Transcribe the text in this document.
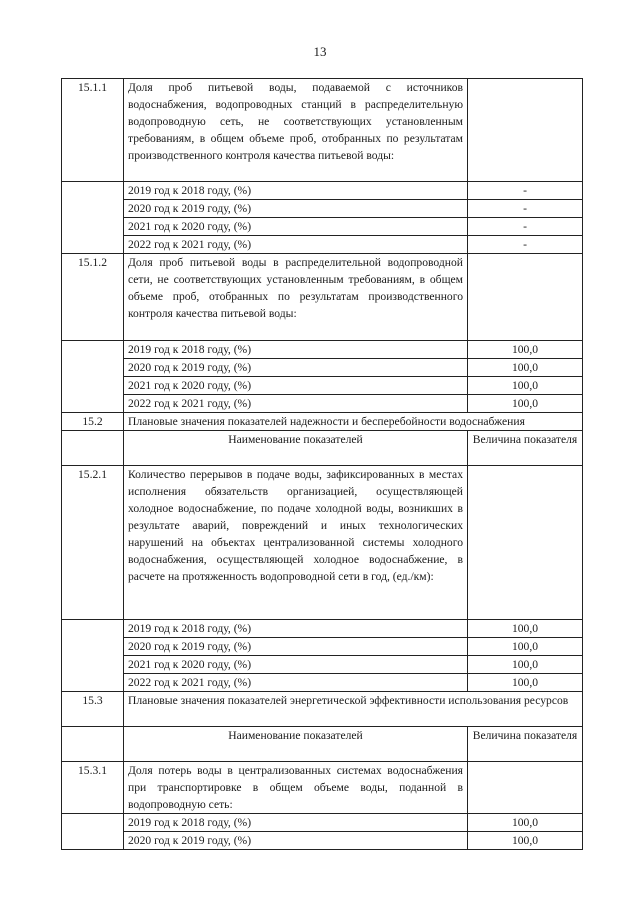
13
15.1.1	Доля проб питьевой воды, подаваемой с источников водоснабжения, водопроводных станций в распределительную водопроводную сеть, не соответствующих установленным требованиям, в общем объеме проб, отобранных по результатам производственного контроля качества питьевой воды:	
	2019 год к 2018 году, (%)	-
	2020 год к 2019 году, (%)	-
	2021 год к 2020 году, (%)	-
	2022 год к 2021 году, (%)	-
15.1.2	Доля проб питьевой воды в распределительной водопроводной сети, не соответствующих установленным требованиям, в общем объеме проб, отобранных по результатам производственного контроля качества питьевой воды:	
	2019 год к 2018 году, (%)	100,0
	2020 год к 2019 году, (%)	100,0
	2021 год к 2020 году, (%)	100,0
	2022 год к 2021 году, (%)	100,0
15.2	Плановые значения показателей надежности и бесперебойности водоснабжения	
	Наименование показателей	Величина показателя
15.2.1	Количество перерывов в подаче воды, зафиксированных в местах исполнения обязательств организацией, осуществляющей холодное водоснабжение, по подаче холодной воды, возникших в результате аварий, повреждений и иных технологических нарушений на объектах централизованной системы холодного водоснабжения, осуществляющей холодное водоснабжение, в расчете на протяженность водопроводной сети в год, (ед./км):	
	2019 год к 2018 году, (%)	100,0
	2020 год к 2019 году, (%)	100,0
	2021 год к 2020 году, (%)	100,0
	2022 год к 2021 году, (%)	100,0
15.3	Плановые значения показателей энергетической эффективности использования ресурсов	
	Наименование показателей	Величина показателя
15.3.1	Доля потерь воды в централизованных системах водоснабжения при транспортировке в общем объеме воды, поданной в водопроводную сеть:	
	2019 год к 2018 году, (%)	100,0
	2020 год к 2019 году, (%)	100,0
